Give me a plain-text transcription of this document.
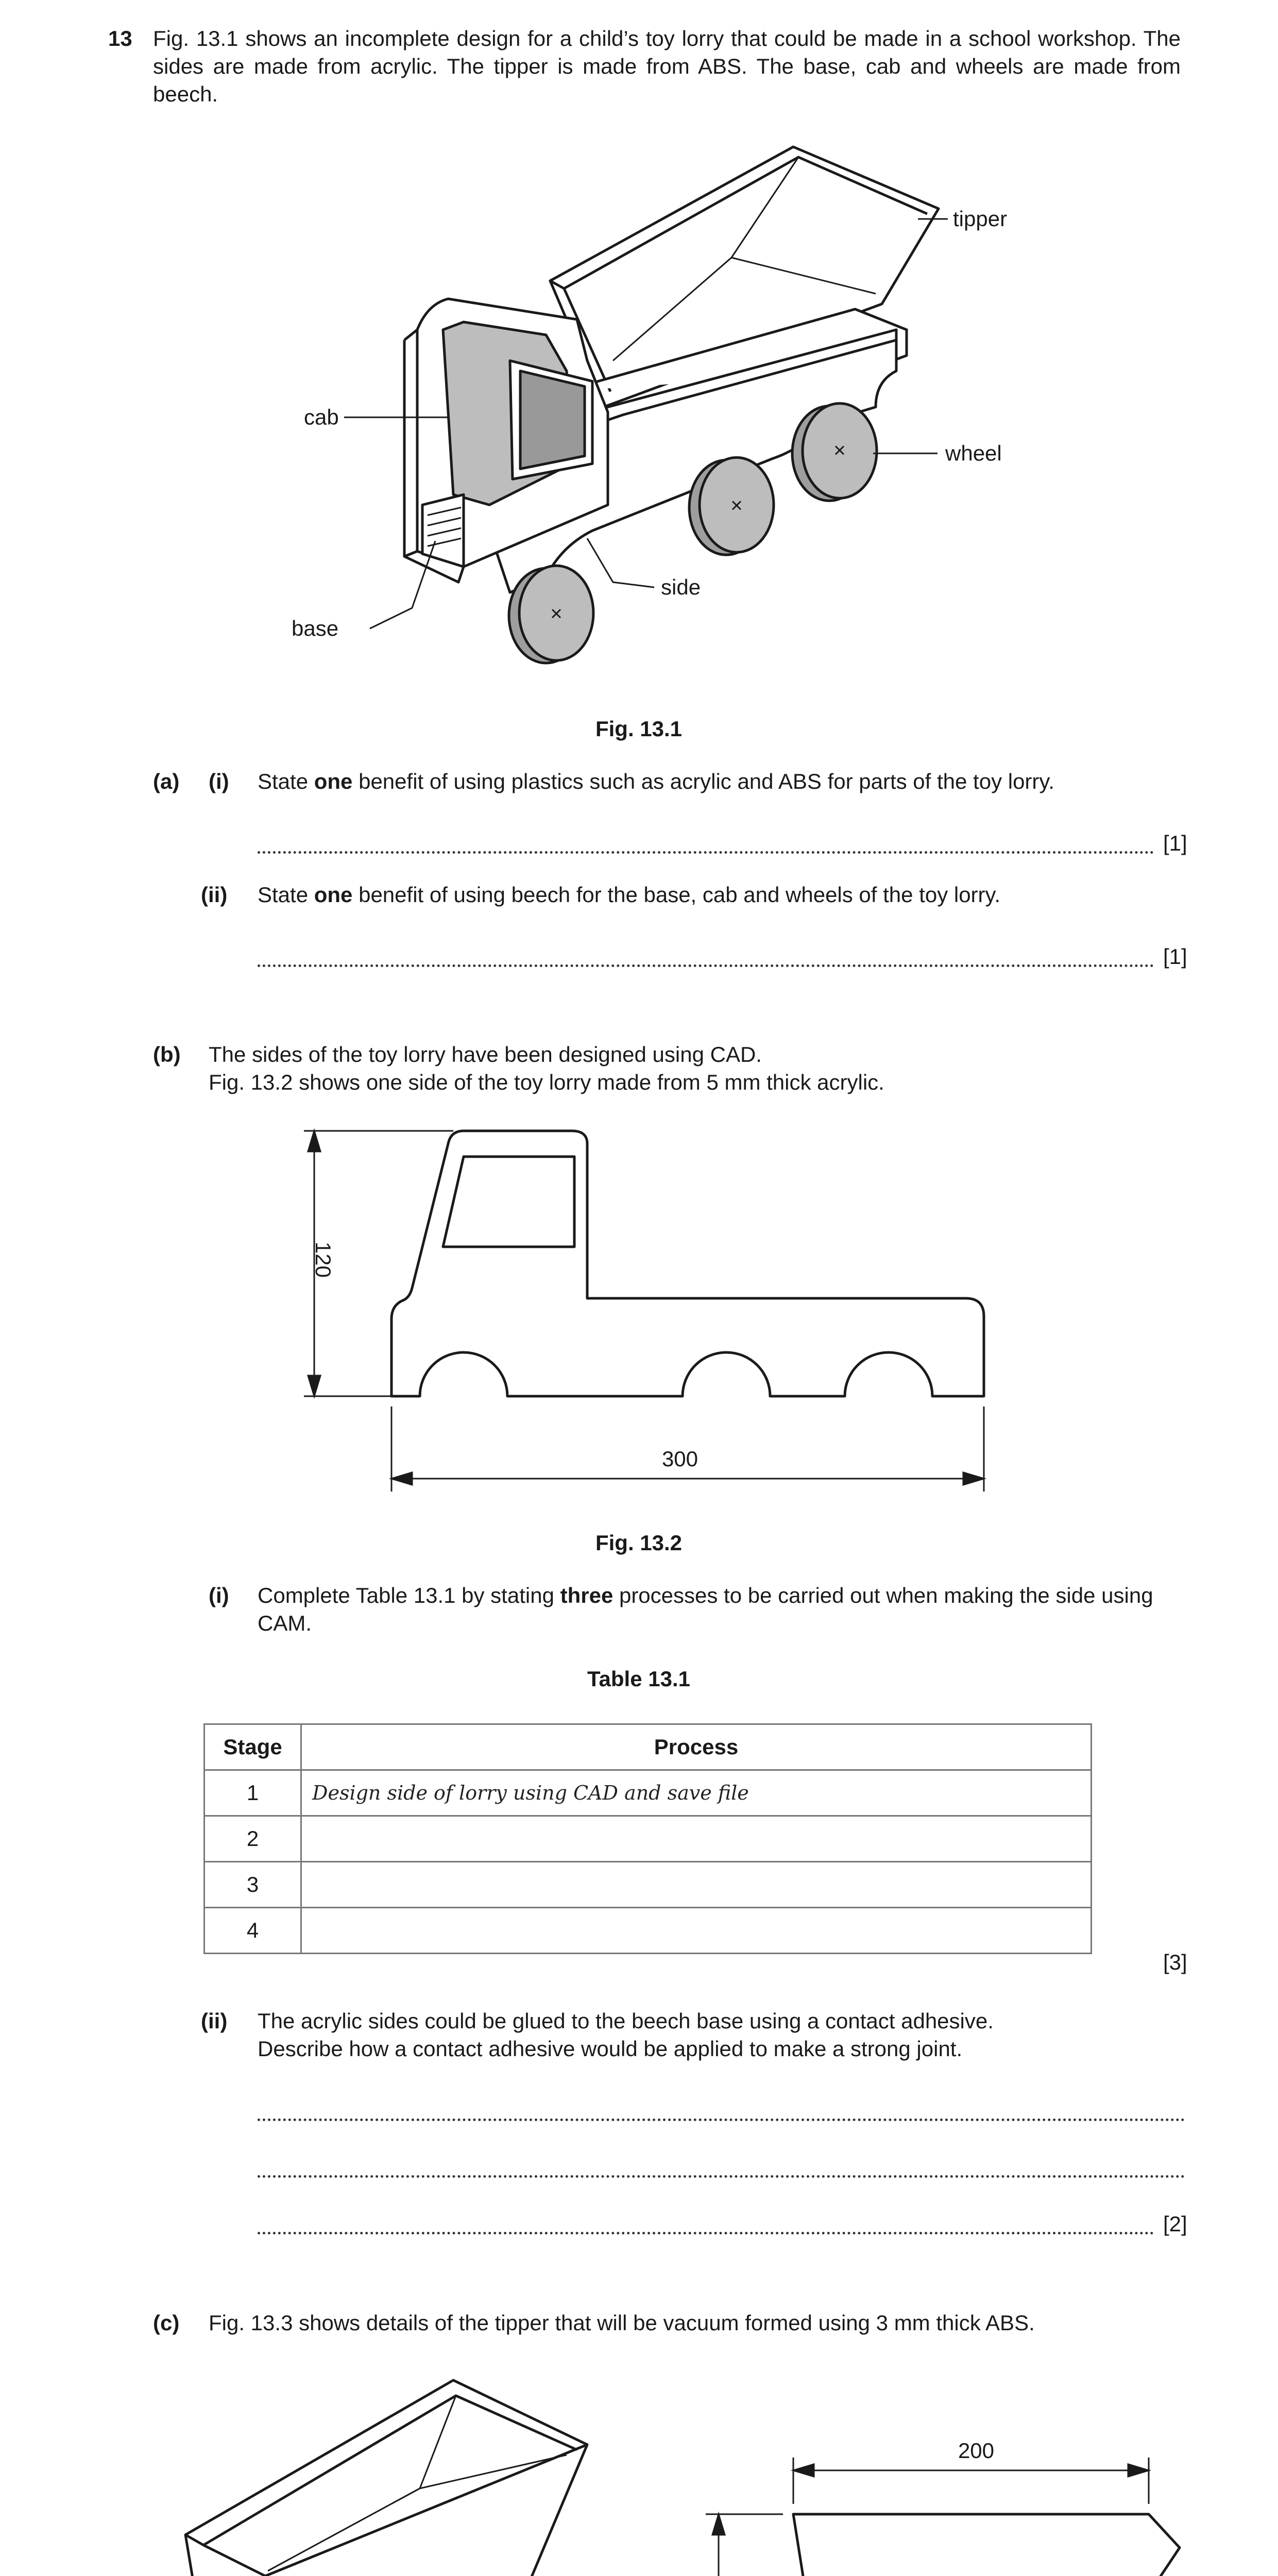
13 Fig. 13.1 shows an incomplete design for a child’s toy lorry that could be made in a school workshop. The sides are made from acrylic. The tipper is made from ABS. The base, cab and wheels are made from beech.
tipper
cab
wheel
side
base
Fig. 13.1
(a) (i) State one benefit of using plastics such as acrylic and ABS for parts of the toy lorry.
[1]
(ii) State one benefit of using beech for the base, cab and wheels of the toy lorry.
[1]
(b) The sides of the toy lorry have been designed using CAD.
Fig. 13.2 shows one side of the toy lorry made from 5 mm thick acrylic.
120
300
Fig. 13.2
(i) Complete Table 13.1 by stating three processes to be carried out when making the side using CAM.
Table 13.1
Stage	Process
1	Design side of lorry using CAD and save file
2	
3	
4	
[3]
(ii) The acrylic sides could be glued to the beech base using a contact adhesive.
Describe how a contact adhesive would be applied to make a strong joint.
[2]
(c) Fig. 13.3 shows details of the tipper that will be vacuum formed using 3 mm thick ABS.
200
